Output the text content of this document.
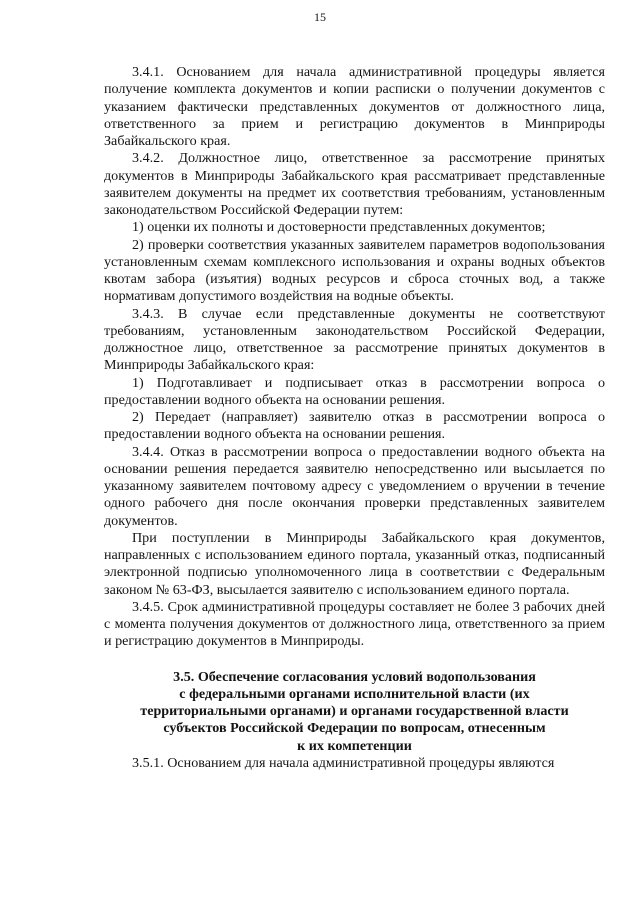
15

3.4.1. Основанием для начала административной процедуры является получение комплекта документов и копии расписки о получении документов с указанием фактически представленных документов от должностного лица, ответственного за прием и регистрацию документов в Минприроды Забайкальского края.

3.4.2. Должностное лицо, ответственное за рассмотрение принятых документов в Минприроды Забайкальского края рассматривает представленные заявителем документы на предмет их соответствия требованиям, установленным законодательством Российской Федерации путем:

1) оценки их полноты и достоверности представленных документов;

2) проверки соответствия указанных заявителем параметров водопользования установленным схемам комплексного использования и охраны водных объектов квотам забора (изъятия) водных ресурсов и сброса сточных вод, а также нормативам допустимого воздействия на водные объекты.

3.4.3. В случае если представленные документы не соответствуют требованиям, установленным законодательством Российской Федерации, должностное лицо, ответственное за рассмотрение принятых документов в Минприроды Забайкальского края:

1) Подготавливает и подписывает отказ в рассмотрении вопроса о предоставлении водного объекта на основании решения.

2) Передает (направляет) заявителю отказ в рассмотрении вопроса о предоставлении водного объекта на основании решения.

3.4.4. Отказ в рассмотрении вопроса о предоставлении водного объекта на основании решения передается заявителю непосредственно или высылается по указанному заявителем почтовому адресу с уведомлением о вручении в течение одного рабочего дня после окончания проверки представленных заявителем документов.

При поступлении в Минприроды Забайкальского края документов, направленных с использованием единого портала, указанный отказ, подписанный электронной подписью уполномоченного лица в соответствии с Федеральным законом № 63-ФЗ, высылается заявителю с использованием единого портала.

3.4.5. Срок административной процедуры составляет не более 3 рабочих дней с момента получения документов от должностного лица, ответственного за прием и регистрацию документов в Минприроды.

3.5. Обеспечение согласования условий водопользования
с федеральными органами исполнительной власти (их
территориальными органами) и органами государственной власти
субъектов Российской Федерации по вопросам, отнесенным
к их компетенции

3.5.1. Основанием для начала административной процедуры являются
